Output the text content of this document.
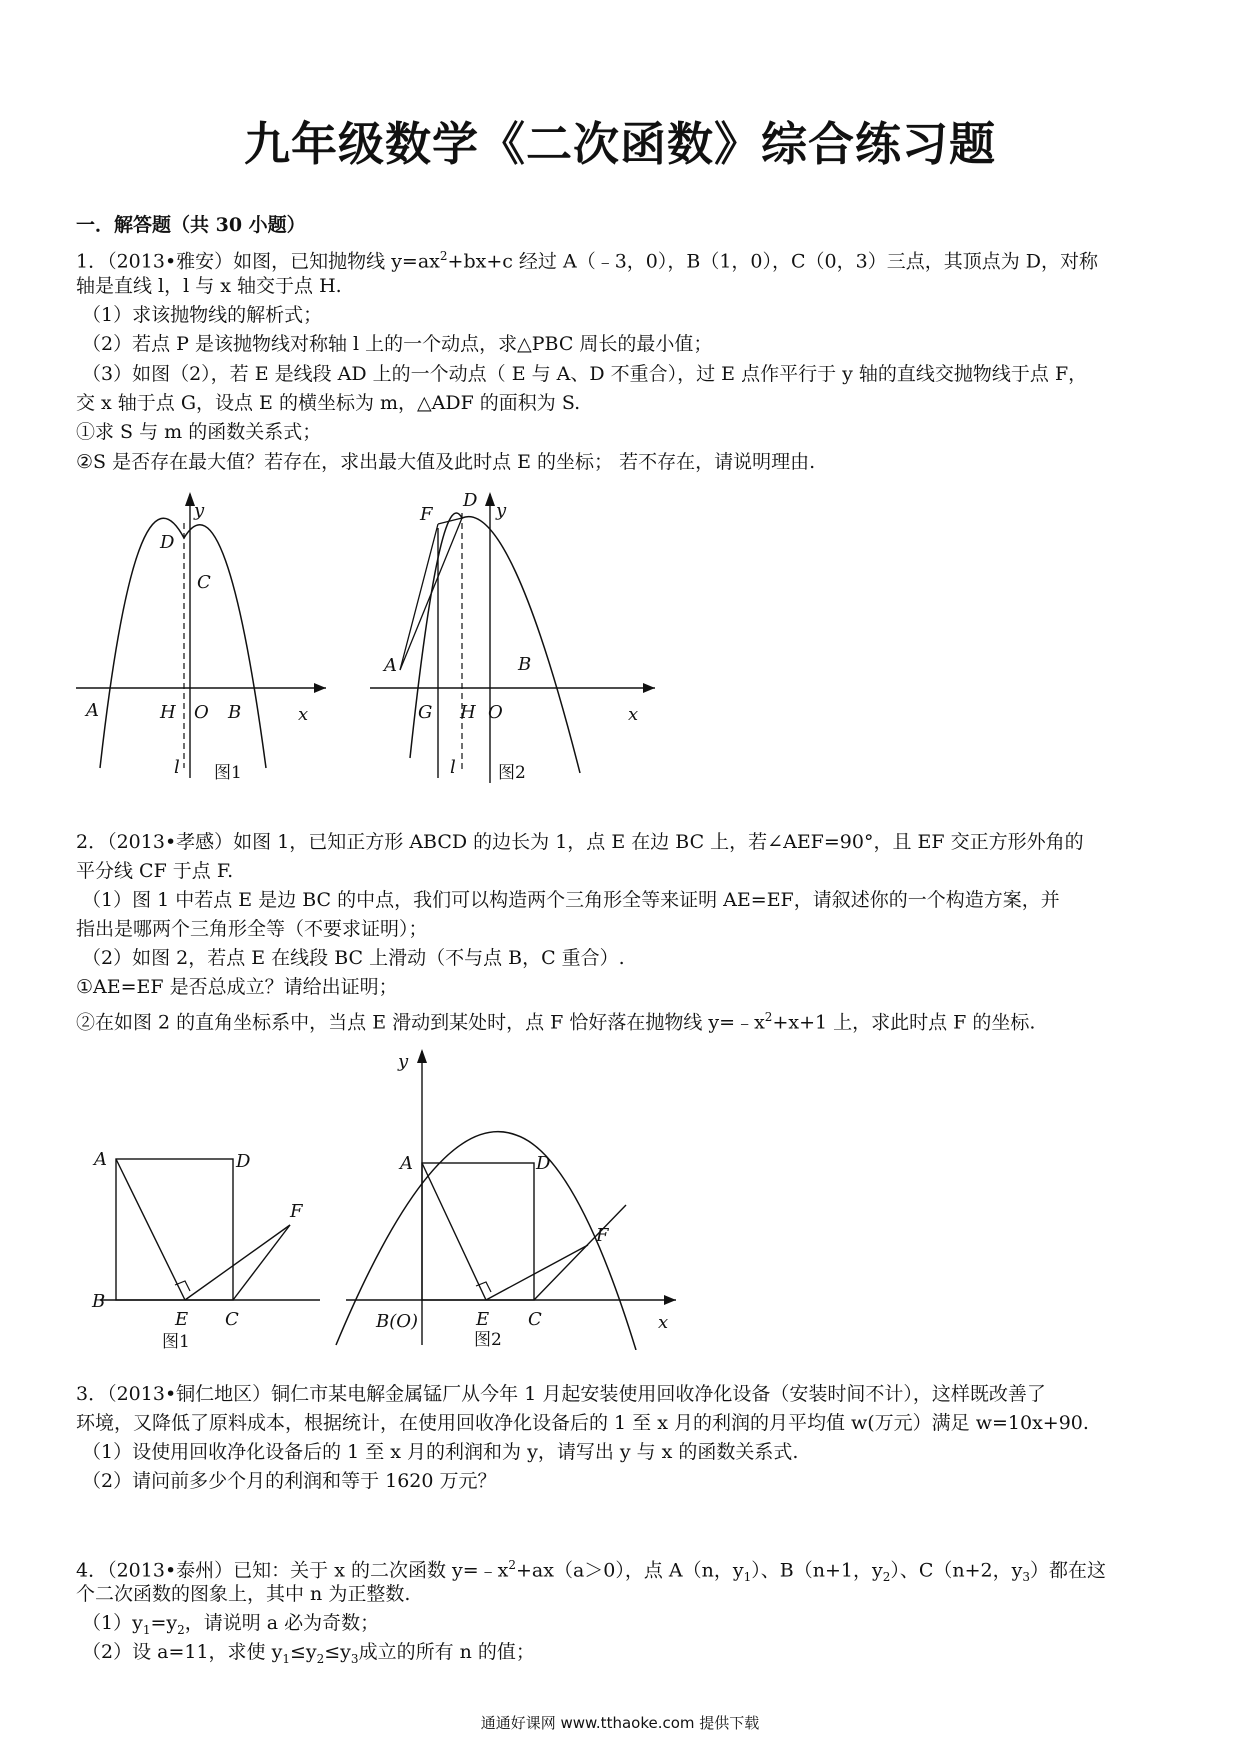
九年级数学《二次函数》综合练习题
一．解答题（共 30 小题）
1．（2013•雅安）如图，已知抛物线 $y=ax^2+bx+c$ 经过 A（﹣3，0），B（1，0），C（0，3）三点，其顶点为 D，对称
轴是直线 l，l 与 x 轴交于点 H.
（1）求该抛物线的解析式；
（2）若点 P 是该抛物线对称轴 l 上的一个动点，求△PBC 周长的最小值；
（3）如图（2），若 E 是线段 AD 上的一个动点（ E 与 A、D 不重合），过 E 点作平行于 y 轴的直线交抛物线于点 F，
交 x 轴于点 G，设点 E 的横坐标为 m，△ADF 的面积为 S.
①求 S 与 m 的函数关系式；
②S 是否存在最大值？若存在，求出最大值及此时点 E 的坐标； 若不存在，请说明理由.
y
D
C
A	H O B	x
l 图1
y
F
D
A	B
G H O	x
l 图2
2．（2013•孝感）如图 1，已知正方形 ABCD 的边长为 1，点 E 在边 BC 上，若∠AEF=90°，且 EF 交正方形外角的
平分线 CF 于点 F.
（1）图 1 中若点 E 是边 BC 的中点，我们可以构造两个三角形全等来证明 AE=EF，请叙述你的一个构造方案，并
指出是哪两个三角形全等（不要求证明）；
（2）如图 2，若点 E 在线段 BC 上滑动（不与点 B，C 重合）.
①AE=EF 是否总成立？请给出证明；
②在如图 2 的直角坐标系中，当点 E 滑动到某处时，点 F 恰好落在抛物线 $y=﹣x^2+x+1$ 上，求此时点 F 的坐标.
A	D
F
B
E C
图1
y
A	D
F
B(O)	E C	x
图2
3．（2013•铜仁地区）铜仁市某电解金属锰厂从今年 1 月起安装使用回收净化设备（安装时间不计），这样既改善了
环境，又降低了原料成本，根据统计，在使用回收净化设备后的 1 至 x 月的利润的月平均值 w(万元）满足 w=10x+90.
（1）设使用回收净化设备后的 1 至 x 月的利润和为 y，请写出 y 与 x 的函数关系式.
（2）请问前多少个月的利润和等于 1620 万元？
4．（2013•泰州）已知：关于 x 的二次函数 $y=﹣x^2+ax(a>0)$，点 A（n，$y_1$）、B（n+1，$y_2$）、C（n+2，$y_3$）都在这
个二次函数的图象上，其中 n 为正整数.
$(1)y_1=y_2$，请说明 a 必为奇数；
（2）设 a=11，求使 $y_1\le y_2\le y_3$成立的所有 n 的值；
通通好课网 www.tthaoke.com 提供下载
